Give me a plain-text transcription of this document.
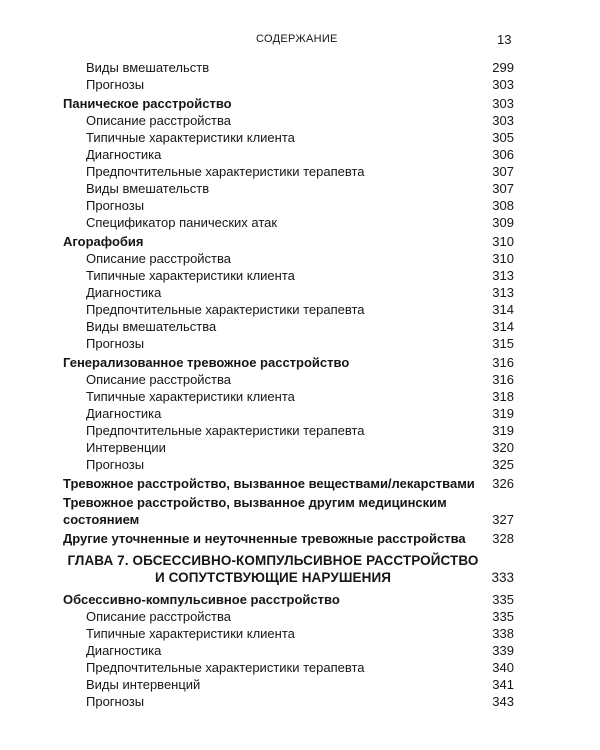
СОДЕРЖАНИЕ	13
Виды вмешательств	299
Прогнозы	303
Паническое расстройство	303
Описание расстройства	303
Типичные характеристики клиента	305
Диагностика	306
Предпочтительные характеристики терапевта	307
Виды вмешательств	307
Прогнозы	308
Спецификатор панических атак	309
Агорафобия	310
Описание расстройства	310
Типичные характеристики клиента	313
Диагностика	313
Предпочтительные характеристики терапевта	314
Виды вмешательства	314
Прогнозы	315
Генерализованное тревожное расстройство	316
Описание расстройства	316
Типичные характеристики клиента	318
Диагностика	319
Предпочтительные характеристики терапевта	319
Интервенции	320
Прогнозы	325
Тревожное расстройство, вызванное веществами/лекарствами	326
Тревожное расстройство, вызванное другим медицинским состоянием	327
Другие уточненные и неуточненные тревожные расстройства	328
ГЛАВА 7. ОБСЕССИВНО-КОМПУЛЬСИВНОЕ РАССТРОЙСТВО И СОПУТСТВУЮЩИЕ НАРУШЕНИЯ	333
Обсессивно-компульсивное расстройство	335
Описание расстройства	335
Типичные характеристики клиента	338
Диагностика	339
Предпочтительные характеристики терапевта	340
Виды интервенций	341
Прогнозы	343
